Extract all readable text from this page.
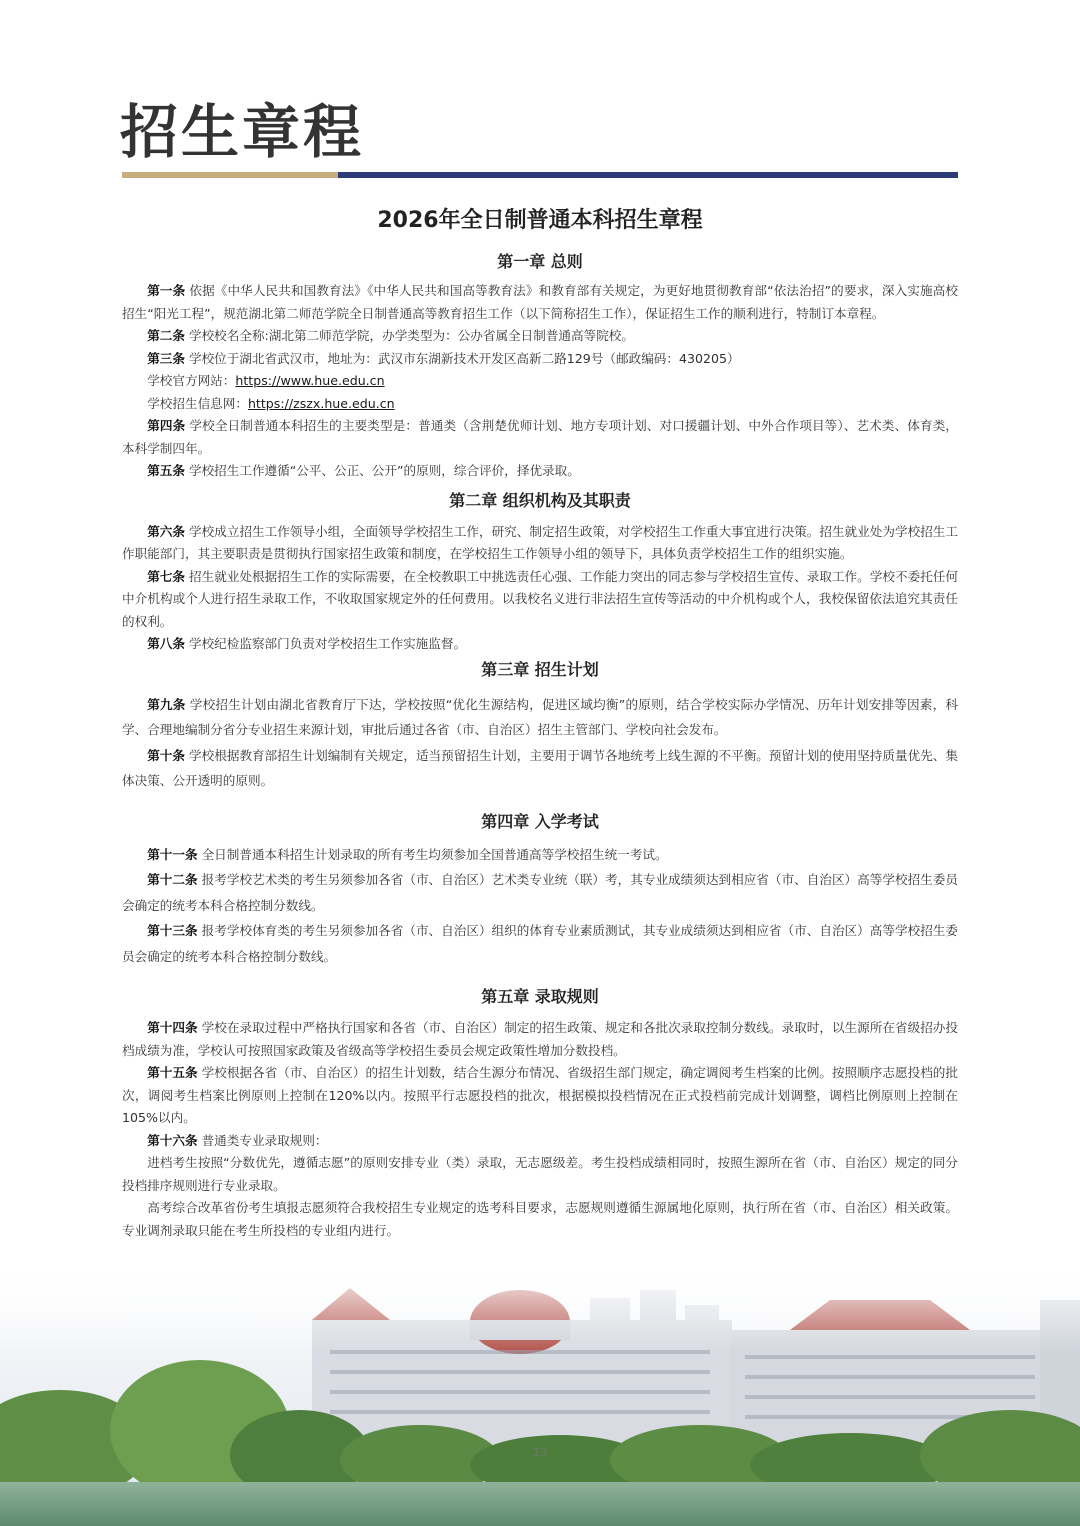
招生章程
2026年全日制普通本科招生章程
第一章 总则

第一条 依据《中华人民共和国教育法》《中华人民共和国高等教育法》和教育部有关规定，为更好地贯彻教育部“依法治招”的要求，深入实施高校招生“阳光工程”，规范湖北第二师范学院全日制普通高等教育招生工作（以下简称招生工作），保证招生工作的顺利进行，特制订本章程。

第二条 学校校名全称:湖北第二师范学院，办学类型为：公办省属全日制普通高等院校。

第三条 学校位于湖北省武汉市，地址为：武汉市东湖新技术开发区高新二路129号（邮政编码：430205）

学校官方网站：https://www.hue.edu.cn

学校招生信息网：https://zszx.hue.edu.cn

第四条 学校全日制普通本科招生的主要类型是：普通类（含荆楚优师计划、地方专项计划、对口援疆计划、中外合作项目等）、艺术类、体育类，本科学制四年。

第五条 学校招生工作遵循“公平、公正、公开”的原则，综合评价，择优录取。

第二章 组织机构及其职责

第六条 学校成立招生工作领导小组，全面领导学校招生工作，研究、制定招生政策，对学校招生工作重大事宜进行决策。招生就业处为学校招生工作职能部门，其主要职责是贯彻执行国家招生政策和制度，在学校招生工作领导小组的领导下，具体负责学校招生工作的组织实施。

第七条 招生就业处根据招生工作的实际需要，在全校教职工中挑选责任心强、工作能力突出的同志参与学校招生宣传、录取工作。学校不委托任何中介机构或个人进行招生录取工作，不收取国家规定外的任何费用。以我校名义进行非法招生宣传等活动的中介机构或个人，我校保留依法追究其责任的权利。

第八条 学校纪检监察部门负责对学校招生工作实施监督。

第三章 招生计划

第九条 学校招生计划由湖北省教育厅下达，学校按照“优化生源结构，促进区域均衡”的原则，结合学校实际办学情况、历年计划安排等因素，科学、合理地编制分省分专业招生来源计划，审批后通过各省（市、自治区）招生主管部门、学校向社会发布。

第十条 学校根据教育部招生计划编制有关规定，适当预留招生计划，主要用于调节各地统考上线生源的不平衡。预留计划的使用坚持质量优先、集体决策、公开透明的原则。

第四章 入学考试

第十一条 全日制普通本科招生计划录取的所有考生均须参加全国普通高等学校招生统一考试。

第十二条 报考学校艺术类的考生另须参加各省（市、自治区）艺术类专业统（联）考，其专业成绩须达到相应省（市、自治区）高等学校招生委员会确定的统考本科合格控制分数线。

第十三条 报考学校体育类的考生另须参加各省（市、自治区）组织的体育专业素质测试，其专业成绩须达到相应省（市、自治区）高等学校招生委员会确定的统考本科合格控制分数线。

第五章 录取规则

第十四条 学校在录取过程中严格执行国家和各省（市、自治区）制定的招生政策、规定和各批次录取控制分数线。录取时，以生源所在省级招办投档成绩为准，学校认可按照国家政策及省级高等学校招生委员会规定政策性增加分数投档。

第十五条 学校根据各省（市、自治区）的招生计划数，结合生源分布情况、省级招生部门规定，确定调阅考生档案的比例。按照顺序志愿投档的批次，调阅考生档案比例原则上控制在120%以内。按照平行志愿投档的批次，根据模拟投档情况在正式投档前完成计划调整，调档比例原则上控制在105%以内。

第十六条 普通类专业录取规则：

进档考生按照“分数优先，遵循志愿”的原则安排专业（类）录取，无志愿级差。考生投档成绩相同时，按照生源所在省（市、自治区）规定的同分投档排序规则进行专业录取。

高考综合改革省份考生填报志愿须符合我校招生专业规定的选考科目要求，志愿规则遵循生源属地化原则，执行所在省（市、自治区）相关政策。专业调剂录取只能在考生所投档的专业组内进行。

13
